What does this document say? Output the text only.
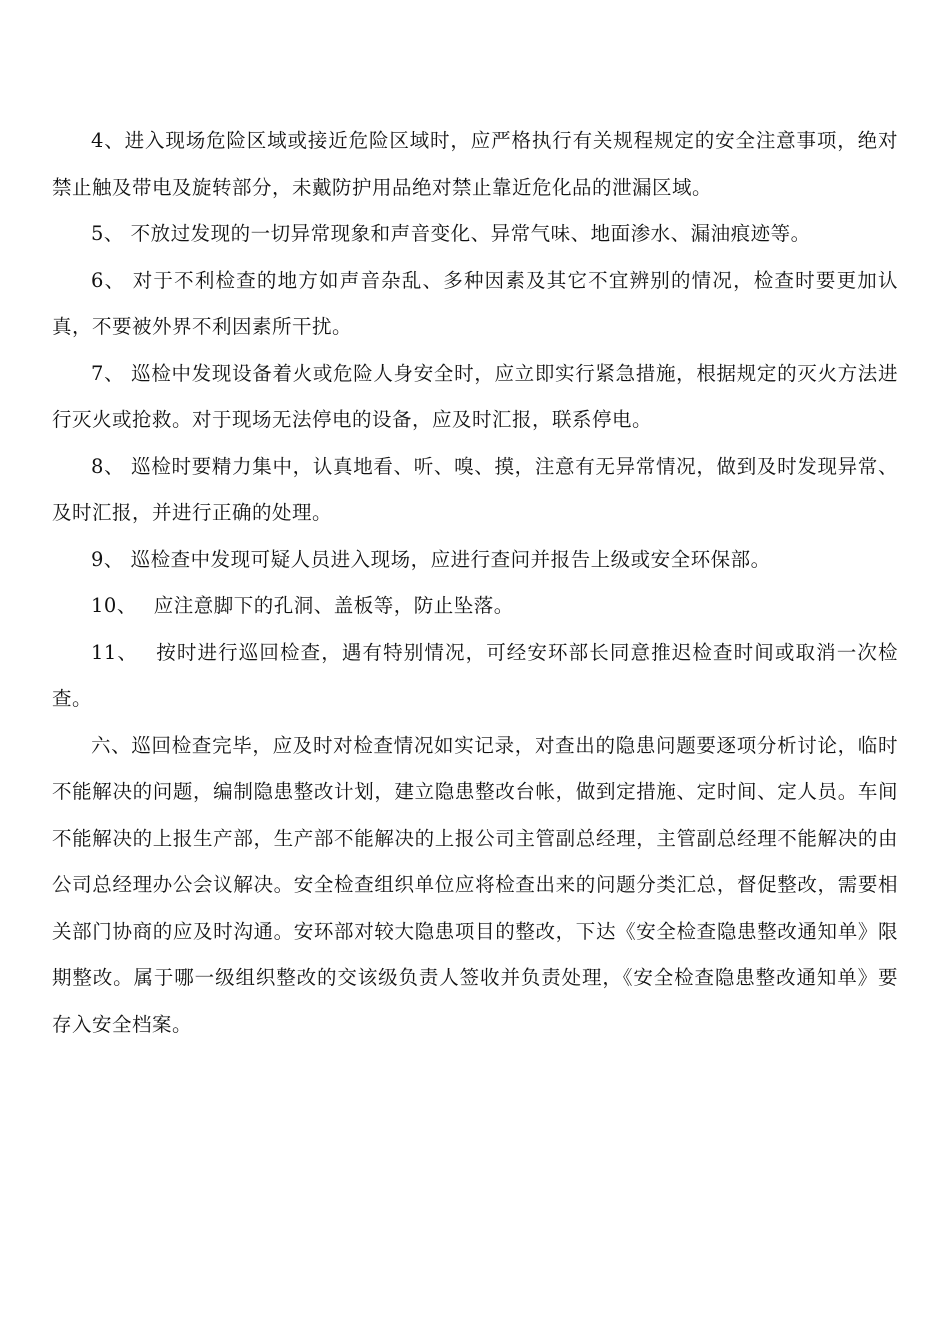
4、进入现场危险区域或接近危险区域时，应严格执行有关规程规定的安全注意事项，绝对禁止触及带电及旋转部分，未戴防护用品绝对禁止靠近危化品的泄漏区域。

5、 不放过发现的一切异常现象和声音变化、异常气味、地面渗水、漏油痕迹等。

6、 对于不利检查的地方如声音杂乱、多种因素及其它不宜辨别的情况，检查时要更加认真，不要被外界不利因素所干扰。

7、 巡检中发现设备着火或危险人身安全时，应立即实行紧急措施，根据规定的灭火方法进行灭火或抢救。对于现场无法停电的设备，应及时汇报，联系停电。

8、 巡检时要精力集中，认真地看、听、嗅、摸，注意有无异常情况，做到及时发现异常、及时汇报，并进行正确的处理。

9、 巡检查中发现可疑人员进入现场，应进行查问并报告上级或安全环保部。

10、　 应注意脚下的孔洞、盖板等，防止坠落。

11、　 按时进行巡回检查，遇有特别情况，可经安环部长同意推迟检查时间或取消一次检查。

六、巡回检查完毕，应及时对检查情况如实记录，对查出的隐患问题要逐项分析讨论，临时不能解决的问题，编制隐患整改计划，建立隐患整改台帐，做到定措施、定时间、定人员。车间不能解决的上报生产部，生产部不能解决的上报公司主管副总经理，主管副总经理不能解决的由公司总经理办公会议解决。安全检查组织单位应将检查出来的问题分类汇总，督促整改，需要相关部门协商的应及时沟通。安环部对较大隐患项目的整改，下达《安全检查隐患整改通知单》限期整改。属于哪一级组织整改的交该级负责人签收并负责处理，《安全检查隐患整改通知单》要存入安全档案。
